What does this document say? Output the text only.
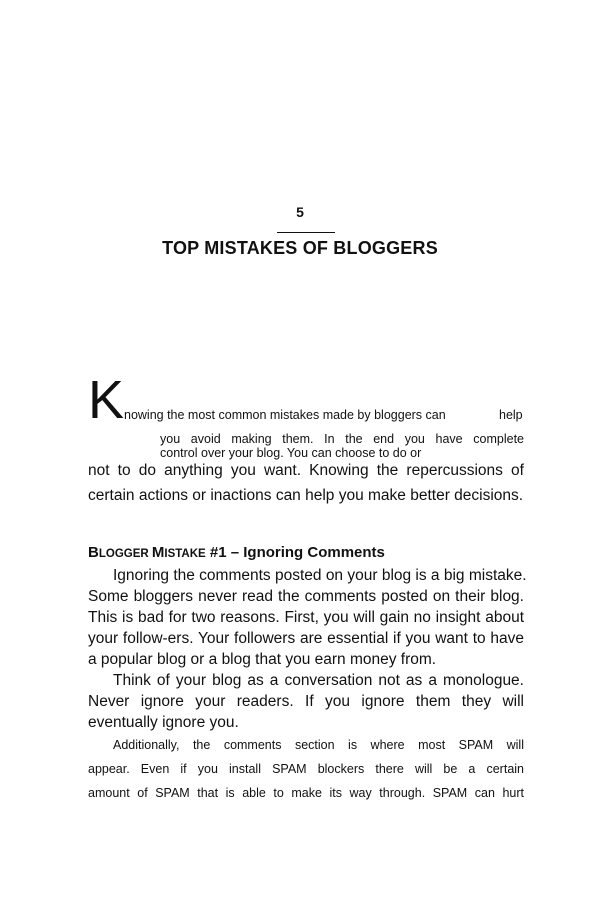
5
TOP MISTAKES OF BLOGGERS
K nowing the most common mistakes made by bloggers can	help
you avoid making them. In the end you have complete
control over your blog. You can choose to do or
not to do anything you want. Knowing the repercussions of
certain actions or inactions can help you make better decisions.
BLOGGER MISTAKE #1 – Ignoring Comments
Ignoring the comments posted on your blog is a big mistake.
Some bloggers never read the comments posted on their blog.
This is bad for two reasons. First, you will gain no insight about
your follow-ers. Your followers are essential if you want to have
a popular blog or a blog that you earn money from.
Think of your blog as a conversation not as a monologue.
Never ignore your readers. If you ignore them they will
eventually ignore you.
Additionally, the comments section is where most SPAM will
appear. Even if you install SPAM blockers there will be a certain
amount of SPAM that is able to make its way through. SPAM can hurt
